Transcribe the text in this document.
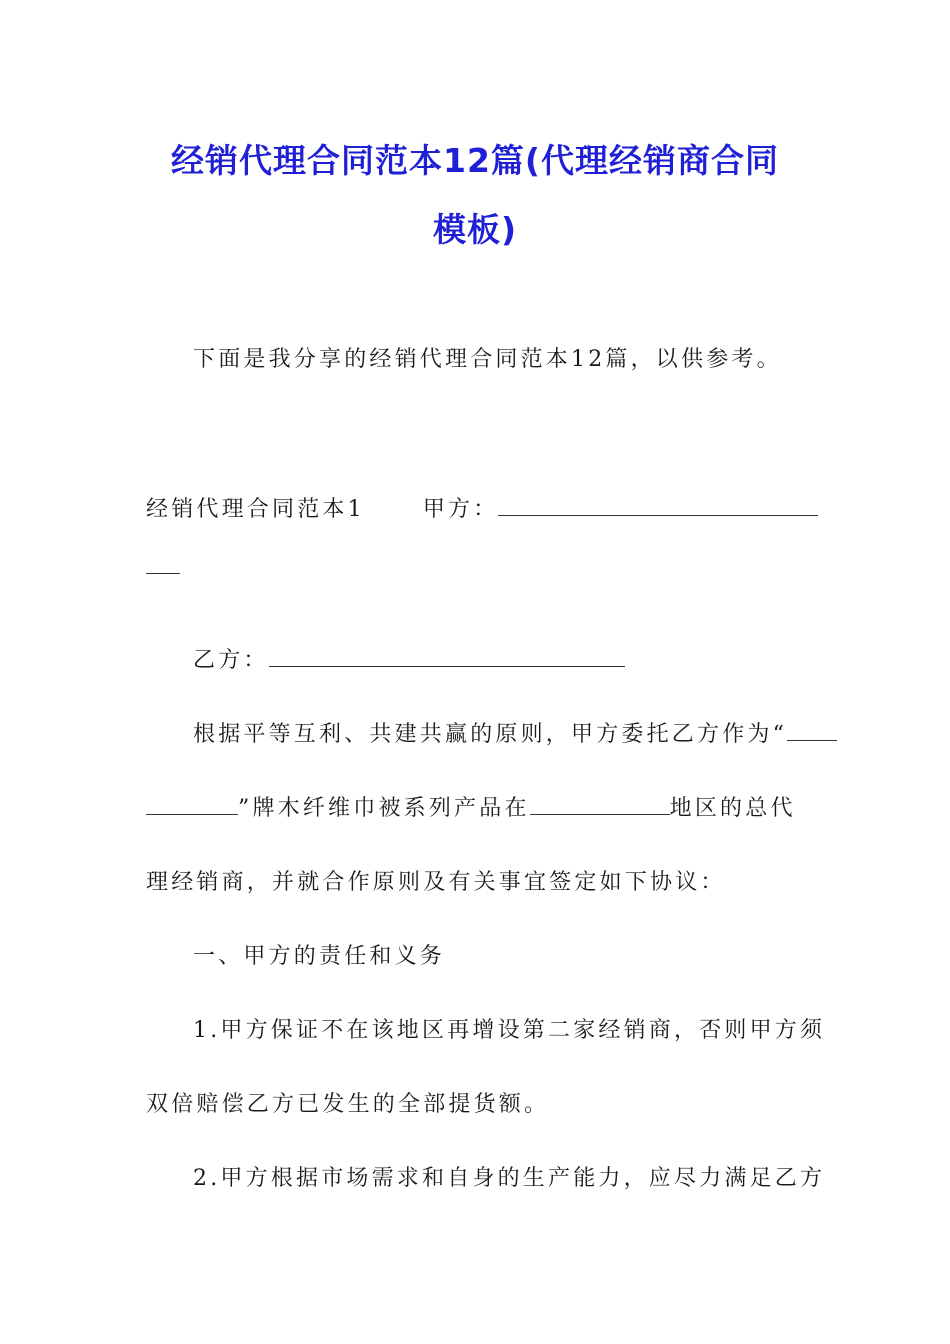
经销代理合同范本12篇(代理经销商合同
模板)
下面是我分享的经销代理合同范本12篇，以供参考。
经销代理合同范本1	甲方：
乙方：
根据平等互利、共建共赢的原则，甲方委托乙方作为“
”牌木纤维巾被系列产品在	地区的总代
理经销商，并就合作原则及有关事宜签定如下协议：
一、甲方的责任和义务
1.甲方保证不在该地区再增设第二家经销商，否则甲方须
双倍赔偿乙方已发生的全部提货额。
2.甲方根据市场需求和自身的生产能力，应尽力满足乙方
